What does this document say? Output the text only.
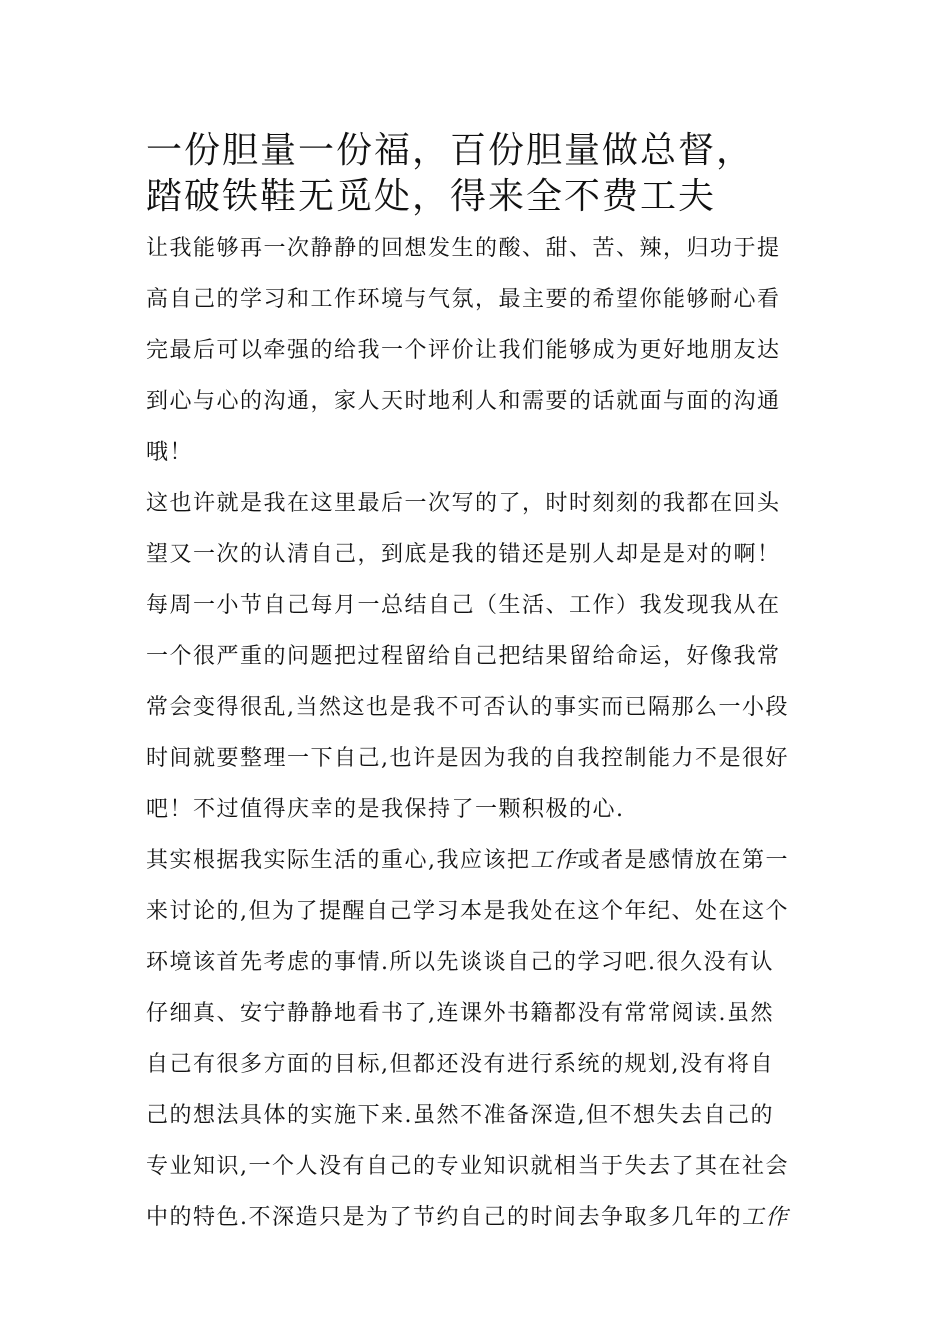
一份胆量一份福，百份胆量做总督，
踏破铁鞋无觅处，得来全不费工夫
让我能够再一次静静的回想发生的酸、甜、苦、辣，归功于提
高自己的学习和工作环境与气氛，最主要的希望你能够耐心看
完最后可以牵强的给我一个评价让我们能够成为更好地朋友达
到心与心的沟通，家人天时地利人和需要的话就面与面的沟通
哦！
这也许就是我在这里最后一次写的了，时时刻刻的我都在回头
望又一次的认清自己，到底是我的错还是别人却是是对的啊！
每周一小节自己每月一总结自己（生活、工作）我发现我从在
一个很严重的问题把过程留给自己把结果留给命运，好像我常
常会变得很乱,当然这也是我不可否认的事实而已隔那么一小段
时间就要整理一下自己,也许是因为我的自我控制能力不是很好
吧！不过值得庆幸的是我保持了一颗积极的心.
其实根据我实际生活的重心,我应该把工作或者是感情放在第一
来讨论的,但为了提醒自己学习本是我处在这个年纪、处在这个
环境该首先考虑的事情.所以先谈谈自己的学习吧.很久没有认
仔细真、安宁静静地看书了,连课外书籍都没有常常阅读.虽然
自己有很多方面的目标,但都还没有进行系统的规划,没有将自
己的想法具体的实施下来.虽然不准备深造,但不想失去自己的
专业知识,一个人没有自己的专业知识就相当于失去了其在社会
中的特色.不深造只是为了节约自己的时间去争取多几年的工作
